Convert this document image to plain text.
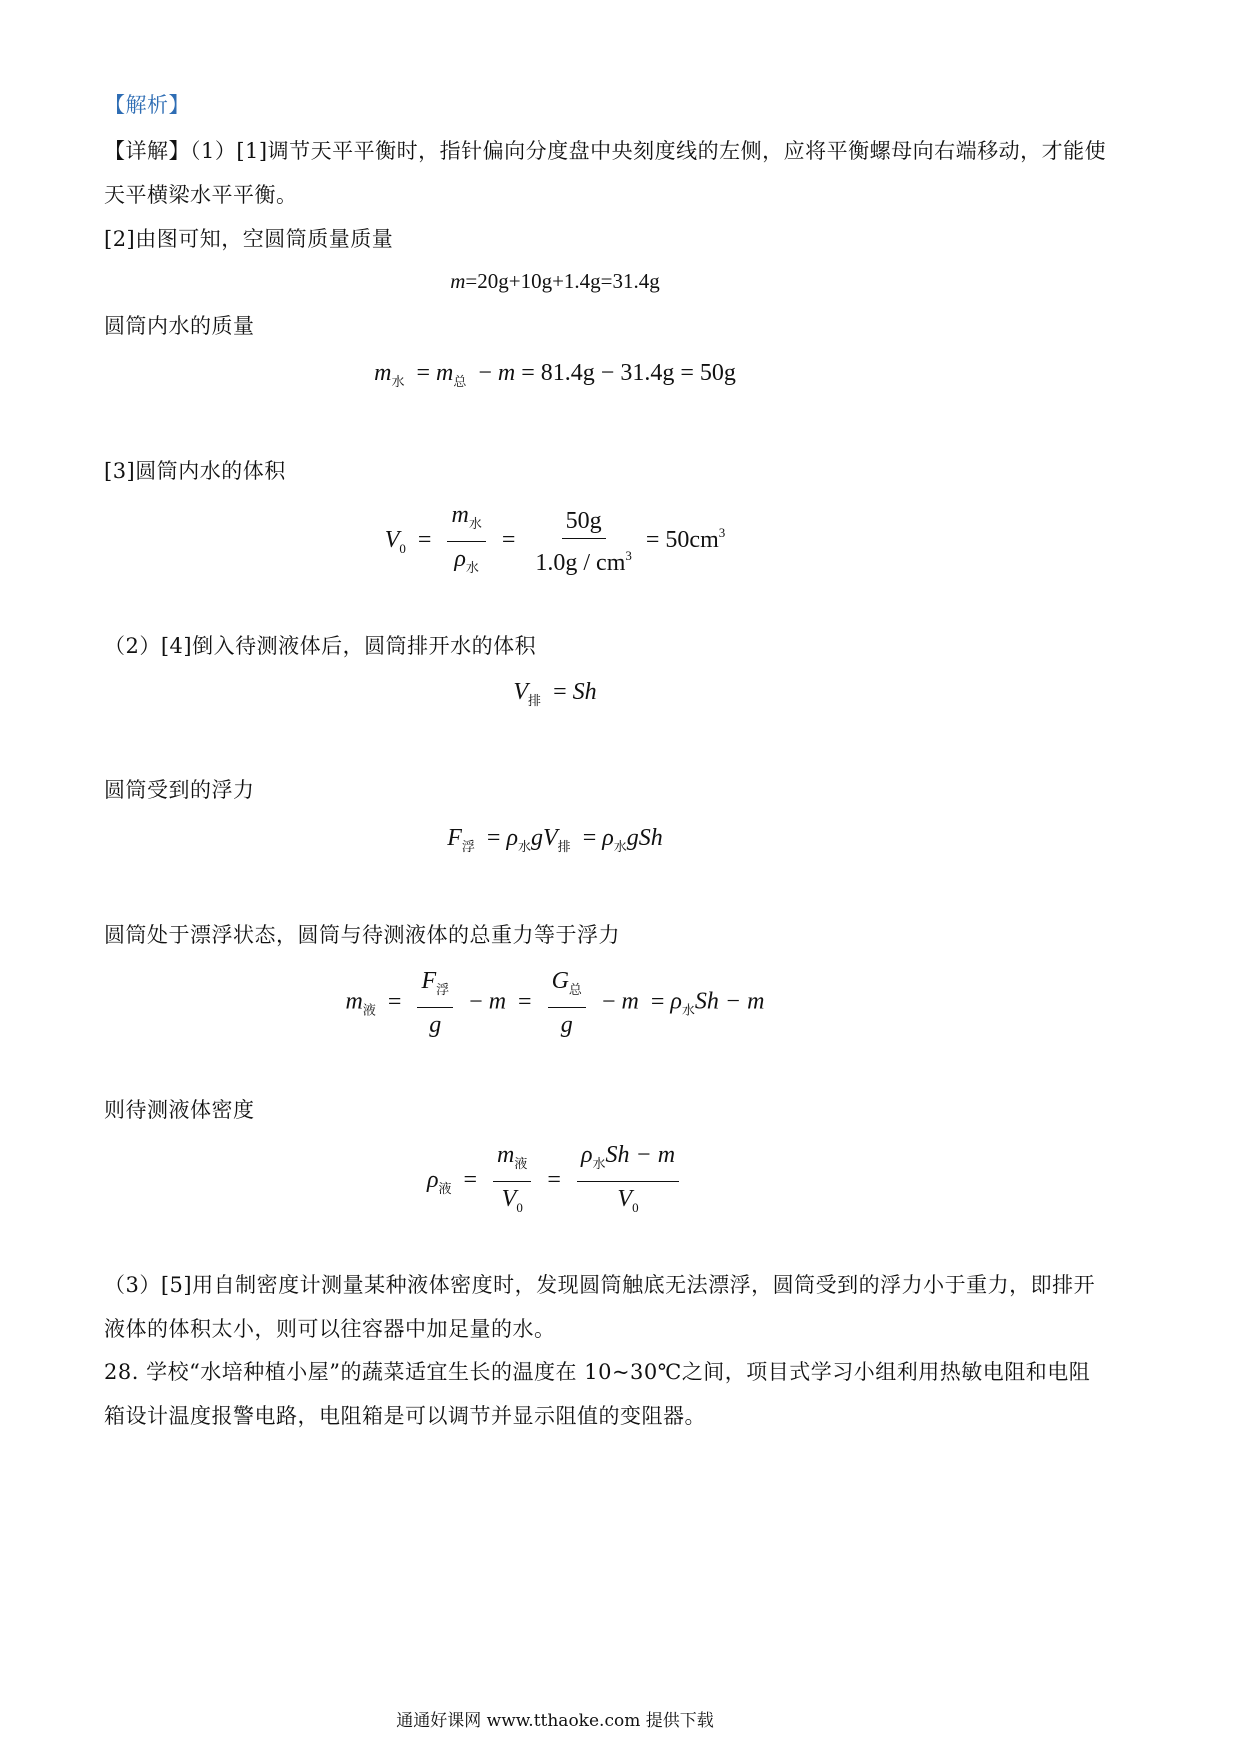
【解析】
【详解】（1）[1]调节天平平衡时，指针偏向分度盘中央刻度线的左侧，应将平衡螺母向右端移动，才能使
天平横梁水平平衡。
[2]由图可知，空圆筒质量质量
m=20g+10g+1.4g=31.4g
圆筒内水的质量
$m_水 = m_总 - m = 81.4g - 31.4g = 50g$
[3]圆筒内水的体积
$V_0 = \frac{m_水}{\rho_水} = \frac{50g}{1.0g / cm^3} = 50cm^3$
（2）[4]倒入待测液体后，圆筒排开水的体积
$V_排 = Sh$
圆筒受到的浮力
$F_浮 = \rho_水gV_排 = \rho_水gSh$
圆筒处于漂浮状态，圆筒与待测液体的总重力等于浮力
$m_液 = \frac{F_浮}{g} - m = \frac{G_总}{g} - m = \rho_水Sh - m$
则待测液体密度
$\rho_液 = \frac{m_液}{V_0} = \frac{\rho_水Sh - m}{V_0}$
（3）[5]用自制密度计测量某种液体密度时，发现圆筒触底无法漂浮，圆筒受到的浮力小于重力，即排开
液体的体积太小，则可以往容器中加足量的水。
28. 学校“水培种植小屋”的蔬菜适宜生长的温度在 10~30℃之间，项目式学习小组利用热敏电阻和电阻
箱设计温度报警电路，电阻箱是可以调节并显示阻值的变阻器。
通通好课网 www.tthaoke.com 提供下载
